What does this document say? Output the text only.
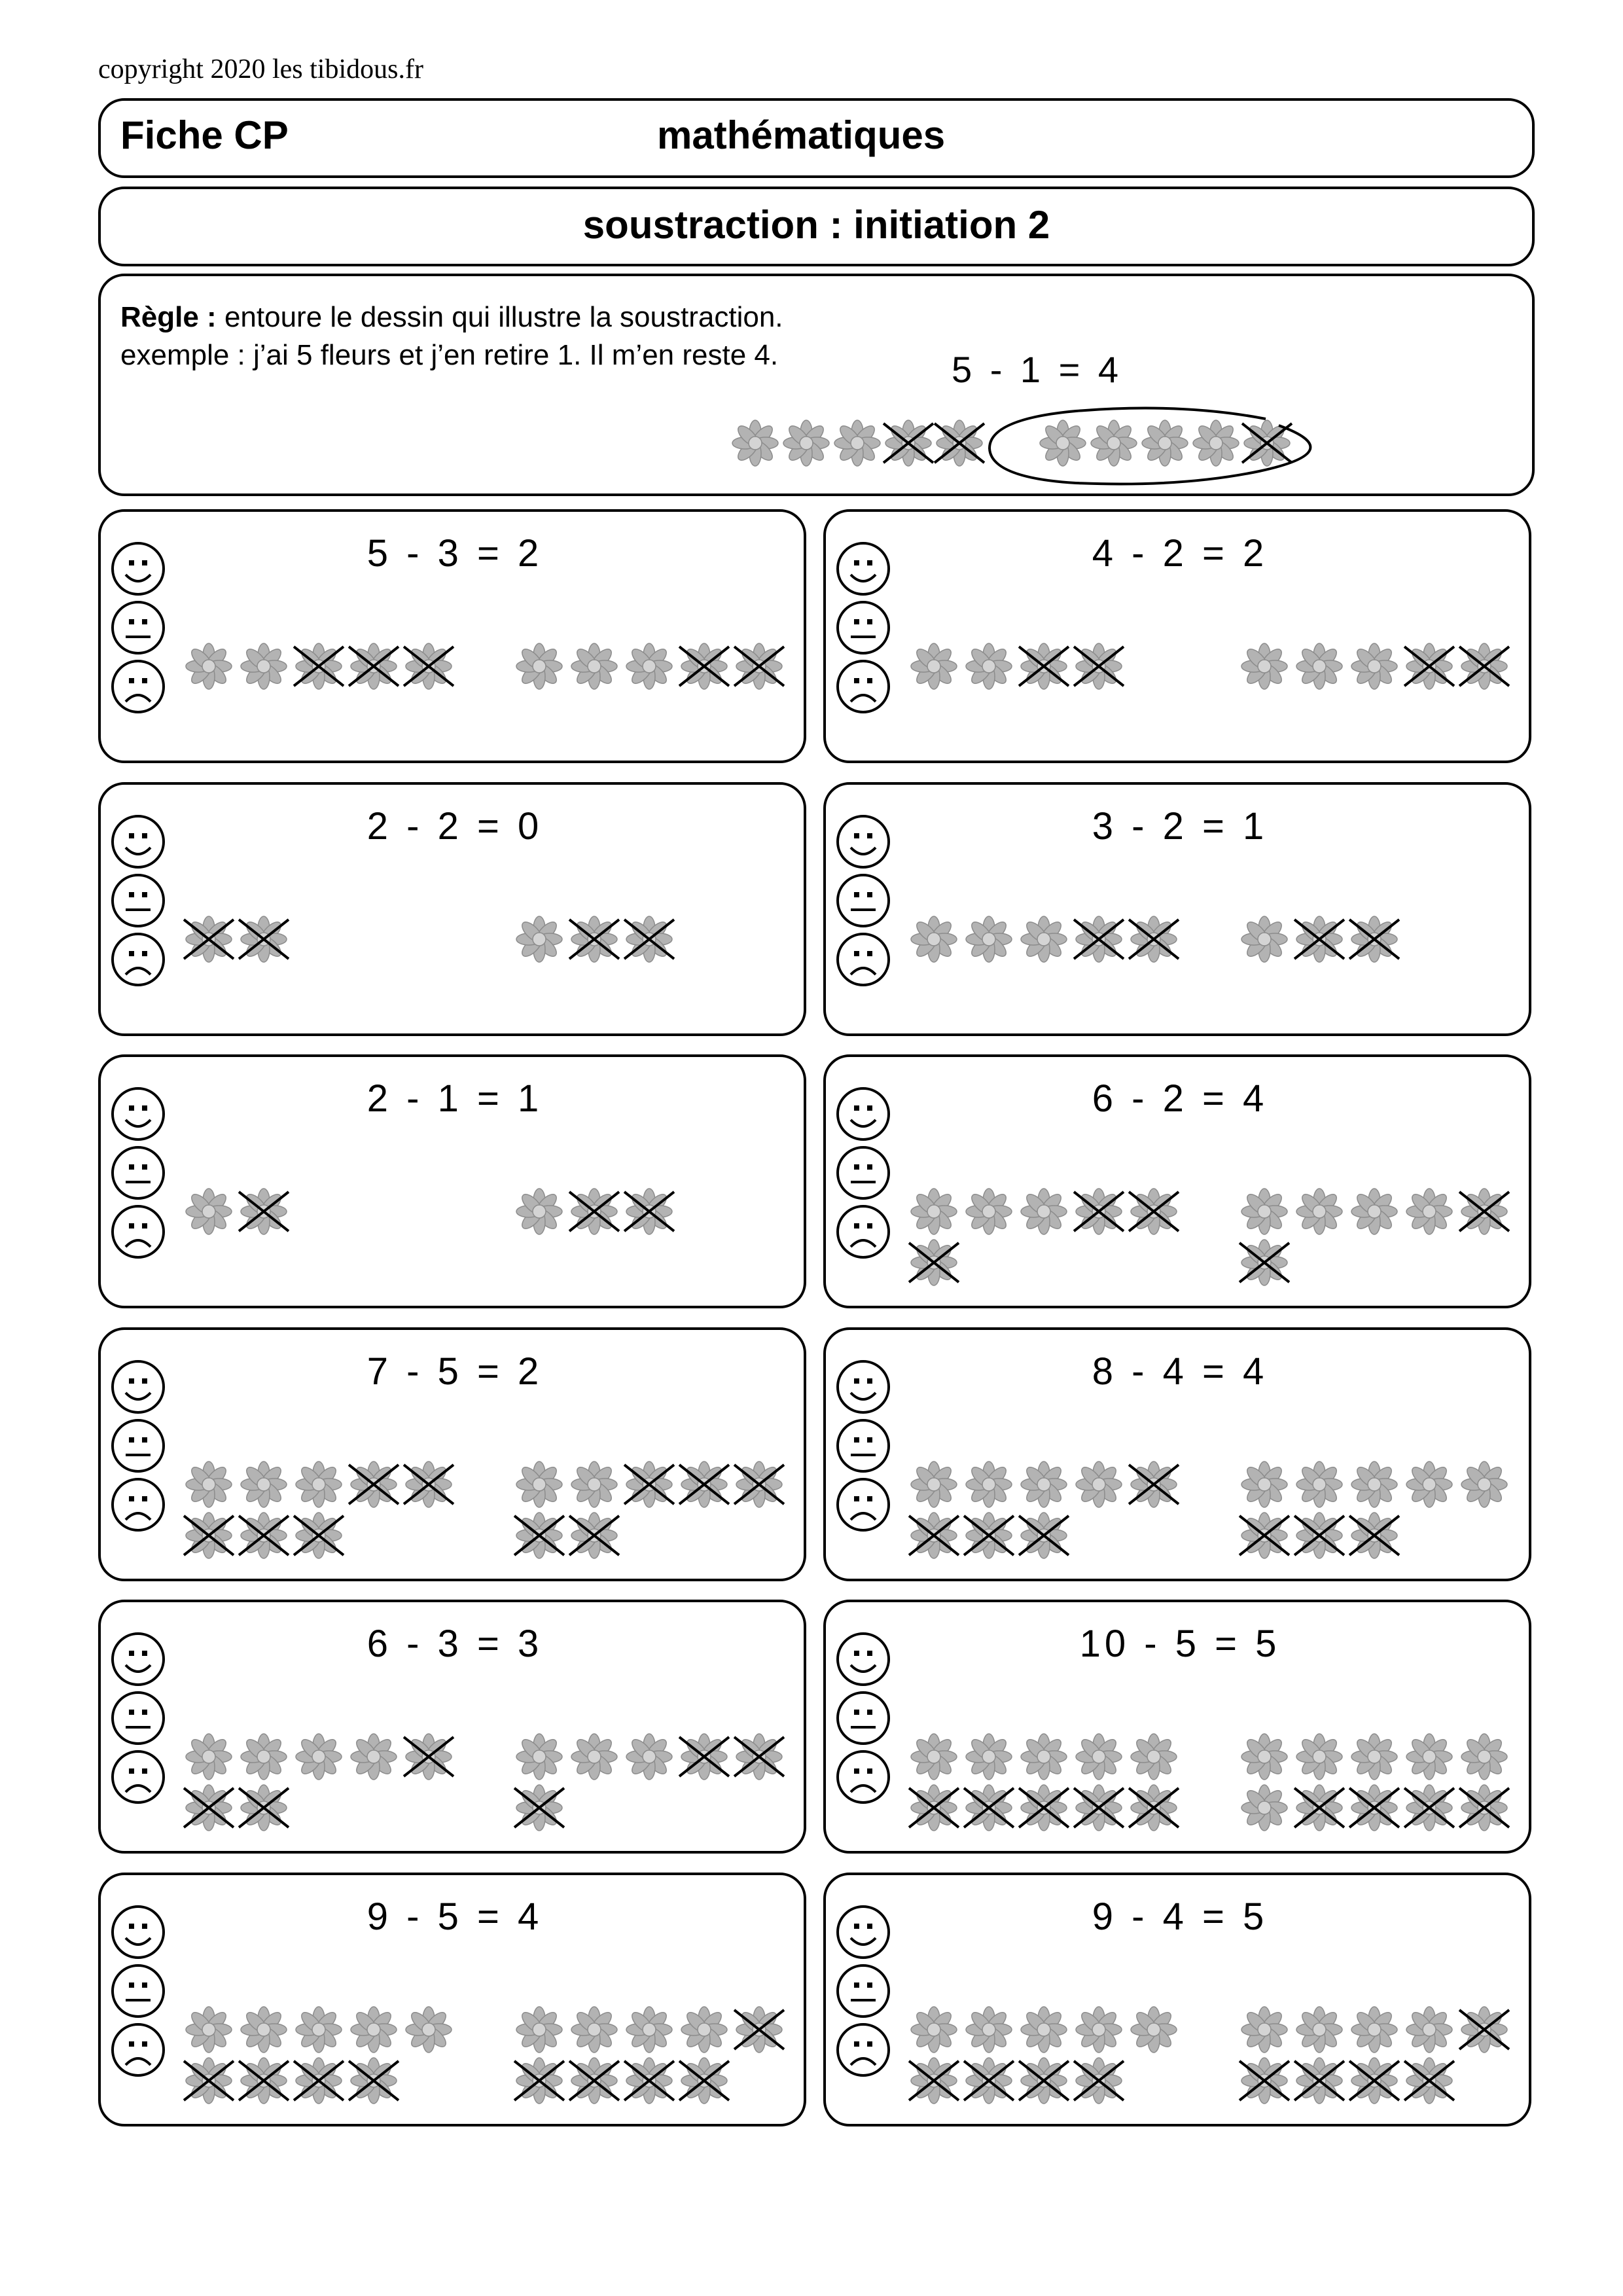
copyright 2020 les tibidous.fr
Fiche CP	mathématiques
soustraction : initiation 2
Règle : entoure le dessin qui illustre la soustraction.
exemple : j’ai 5 fleurs et j’en retire 1. Il m’en reste 4.	5 - 1 = 4
5 - 3 = 2	4 - 2 = 2
2 - 2 = 0	3 - 2 = 1
2 - 1 = 1	6 - 2 = 4
7 - 5 = 2	8 - 4 = 4
6 - 3 = 3	10 - 5 = 5
9 - 5 = 4	9 - 4 = 5
